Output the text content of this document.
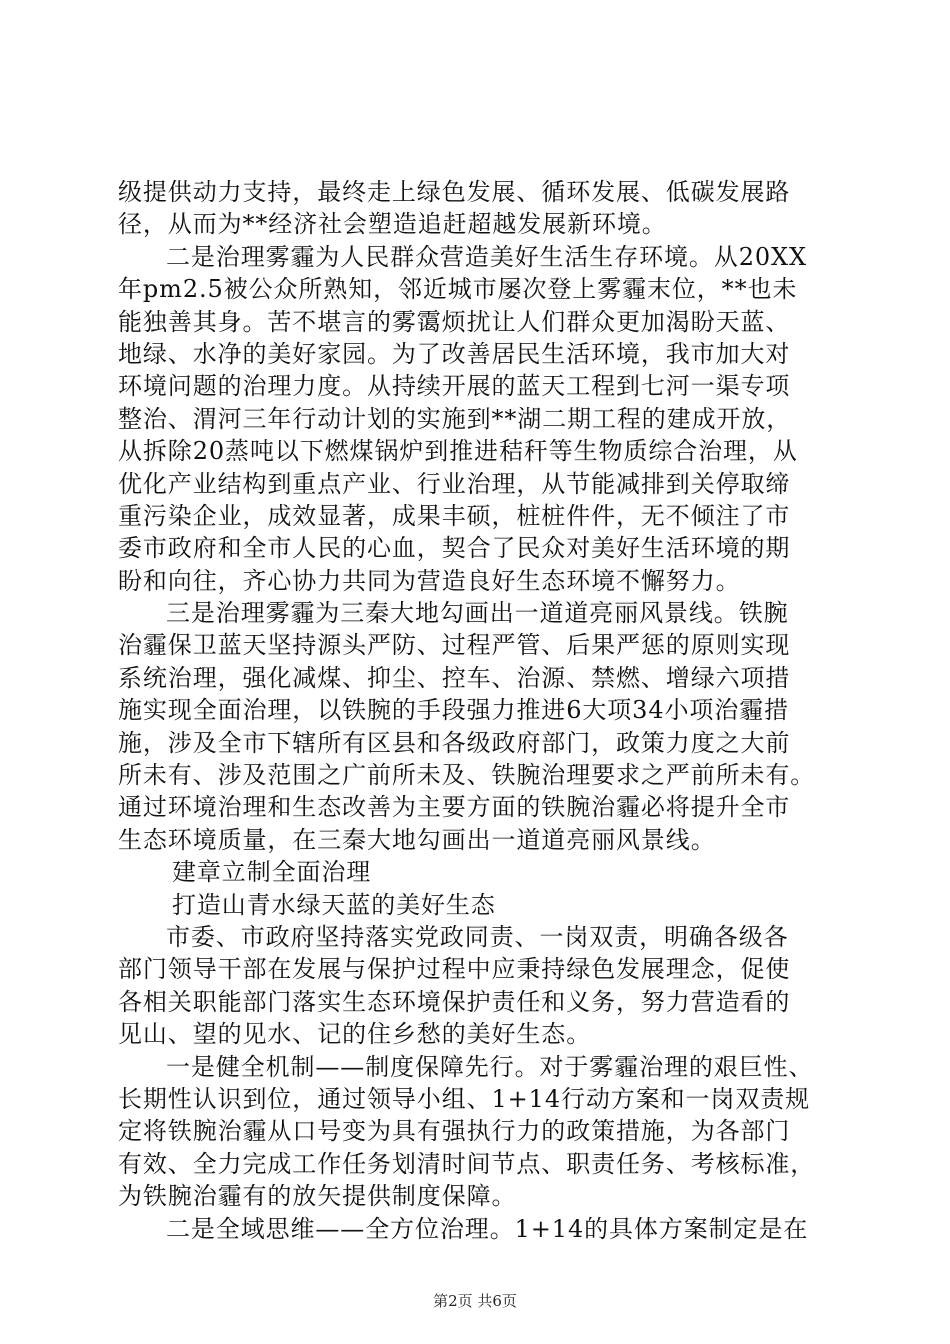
级提供动力支持，最终走上绿色发展、循环发展、低碳发展路
径，从而为**经济社会塑造追赶超越发展新环境。
二是治理雾霾为人民群众营造美好生活生存环境。从20XX
年pm2.5被公众所熟知，邻近城市屡次登上雾霾末位，**也未
能独善其身。苦不堪言的雾霭烦扰让人们群众更加渴盼天蓝、
地绿、水净的美好家园。为了改善居民生活环境，我市加大对
环境问题的治理力度。从持续开展的蓝天工程到七河一渠专项
整治、渭河三年行动计划的实施到**湖二期工程的建成开放，
从拆除20蒸吨以下燃煤锅炉到推进秸秆等生物质综合治理，从
优化产业结构到重点产业、行业治理，从节能减排到关停取缔
重污染企业，成效显著，成果丰硕，桩桩件件，无不倾注了市
委市政府和全市人民的心血，契合了民众对美好生活环境的期
盼和向往，齐心协力共同为营造良好生态环境不懈努力。
三是治理雾霾为三秦大地勾画出一道道亮丽风景线。铁腕
治霾保卫蓝天坚持源头严防、过程严管、后果严惩的原则实现
系统治理，强化减煤、抑尘、控车、治源、禁燃、增绿六项措
施实现全面治理，以铁腕的手段强力推进6大项34小项治霾措
施，涉及全市下辖所有区县和各级政府部门，政策力度之大前
所未有、涉及范围之广前所未及、铁腕治理要求之严前所未有。
通过环境治理和生态改善为主要方面的铁腕治霾必将提升全市
生态环境质量，在三秦大地勾画出一道道亮丽风景线。
建章立制全面治理
打造山青水绿天蓝的美好生态
市委、市政府坚持落实党政同责、一岗双责，明确各级各
部门领导干部在发展与保护过程中应秉持绿色发展理念，促使
各相关职能部门落实生态环境保护责任和义务，努力营造看的
见山、望的见水、记的住乡愁的美好生态。
一是健全机制——制度保障先行。对于雾霾治理的艰巨性、
长期性认识到位，通过领导小组、1+14行动方案和一岗双责规
定将铁腕治霾从口号变为具有强执行力的政策措施，为各部门
有效、全力完成工作任务划清时间节点、职责任务、考核标准，
为铁腕治霾有的放矢提供制度保障。
二是全域思维——全方位治理。1+14的具体方案制定是在
第2页 共6页
